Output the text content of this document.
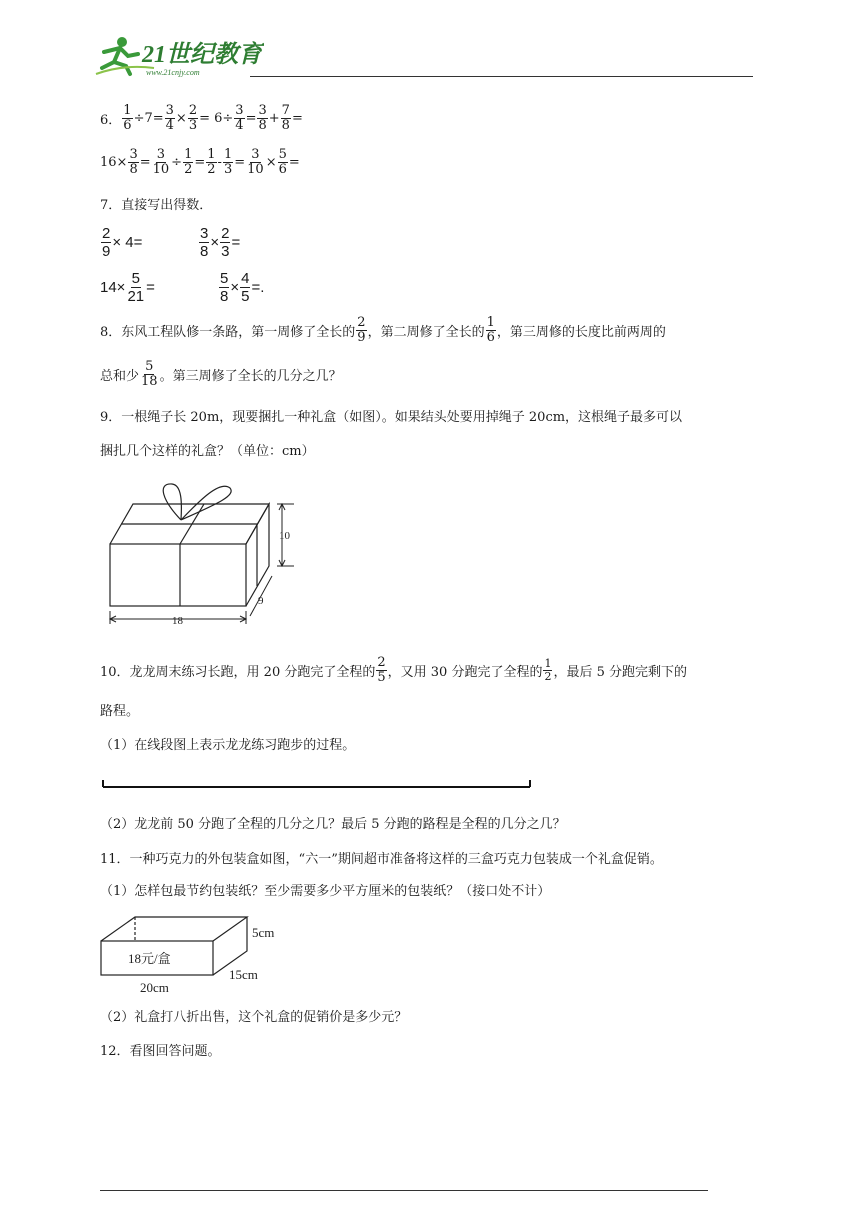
21世纪教育
www.21cnjy.com
6． $\frac{1}{6} \div 7= \frac{3}{4} \times \frac{2}{3} = 6\div \frac{3}{4} = \frac{3}{8} + \frac{7}{8}$ =
$16\times \frac{3}{8} = \frac{3}{10} \div \frac{1}{2} = \frac{1}{2} - \frac{1}{3} = \frac{3}{10} \times \frac{5}{6}$ =
7．直接写出得数．
$\frac{2}{9} \times 4=$	$\frac{3}{8} \times \frac{2}{3}$ =
$14\times \frac{5}{21}$ =	$\frac{5}{8} \times \frac{4}{5}$ =.
8．东风工程队修一条路，第一周修了全长的 $\frac{2}{9}$ ，第二周修了全长的 $\frac{1}{6}$ ，第三周修的长度比前两周的
总和少 $\frac{5}{18}$ 。第三周修了全长的几分之几？
9．一根绳子长 20m，现要捆扎一种礼盒（如图）。如果结头处要用掉绳子 20cm，这根绳子最多可以
捆扎几个这样的礼盒？（单位：cm）
10
9
18
10．龙龙周末练习长跑，用 20 分跑完了全程的 $\frac{2}{5}$ ，又用 30 分跑完了全程的 $\frac{1}{2}$ ，最后 5 分跑完剩下的
路程。
（1）在线段图上表示龙龙练习跑步的过程。
（2）龙龙前 50 分跑了全程的几分之几？最后 5 分跑的路程是全程的几分之几？
11．一种巧克力的外包装盒如图，“六一”期间超市准备将这样的三盒巧克力包装成一个礼盒促销。
（1）怎样包最节约包装纸？至少需要多少平方厘米的包装纸？（接口处不计）
18元/盒
5cm
15cm
20cm
（2）礼盒打八折出售，这个礼盒的促销价是多少元？
12．看图回答问题。
